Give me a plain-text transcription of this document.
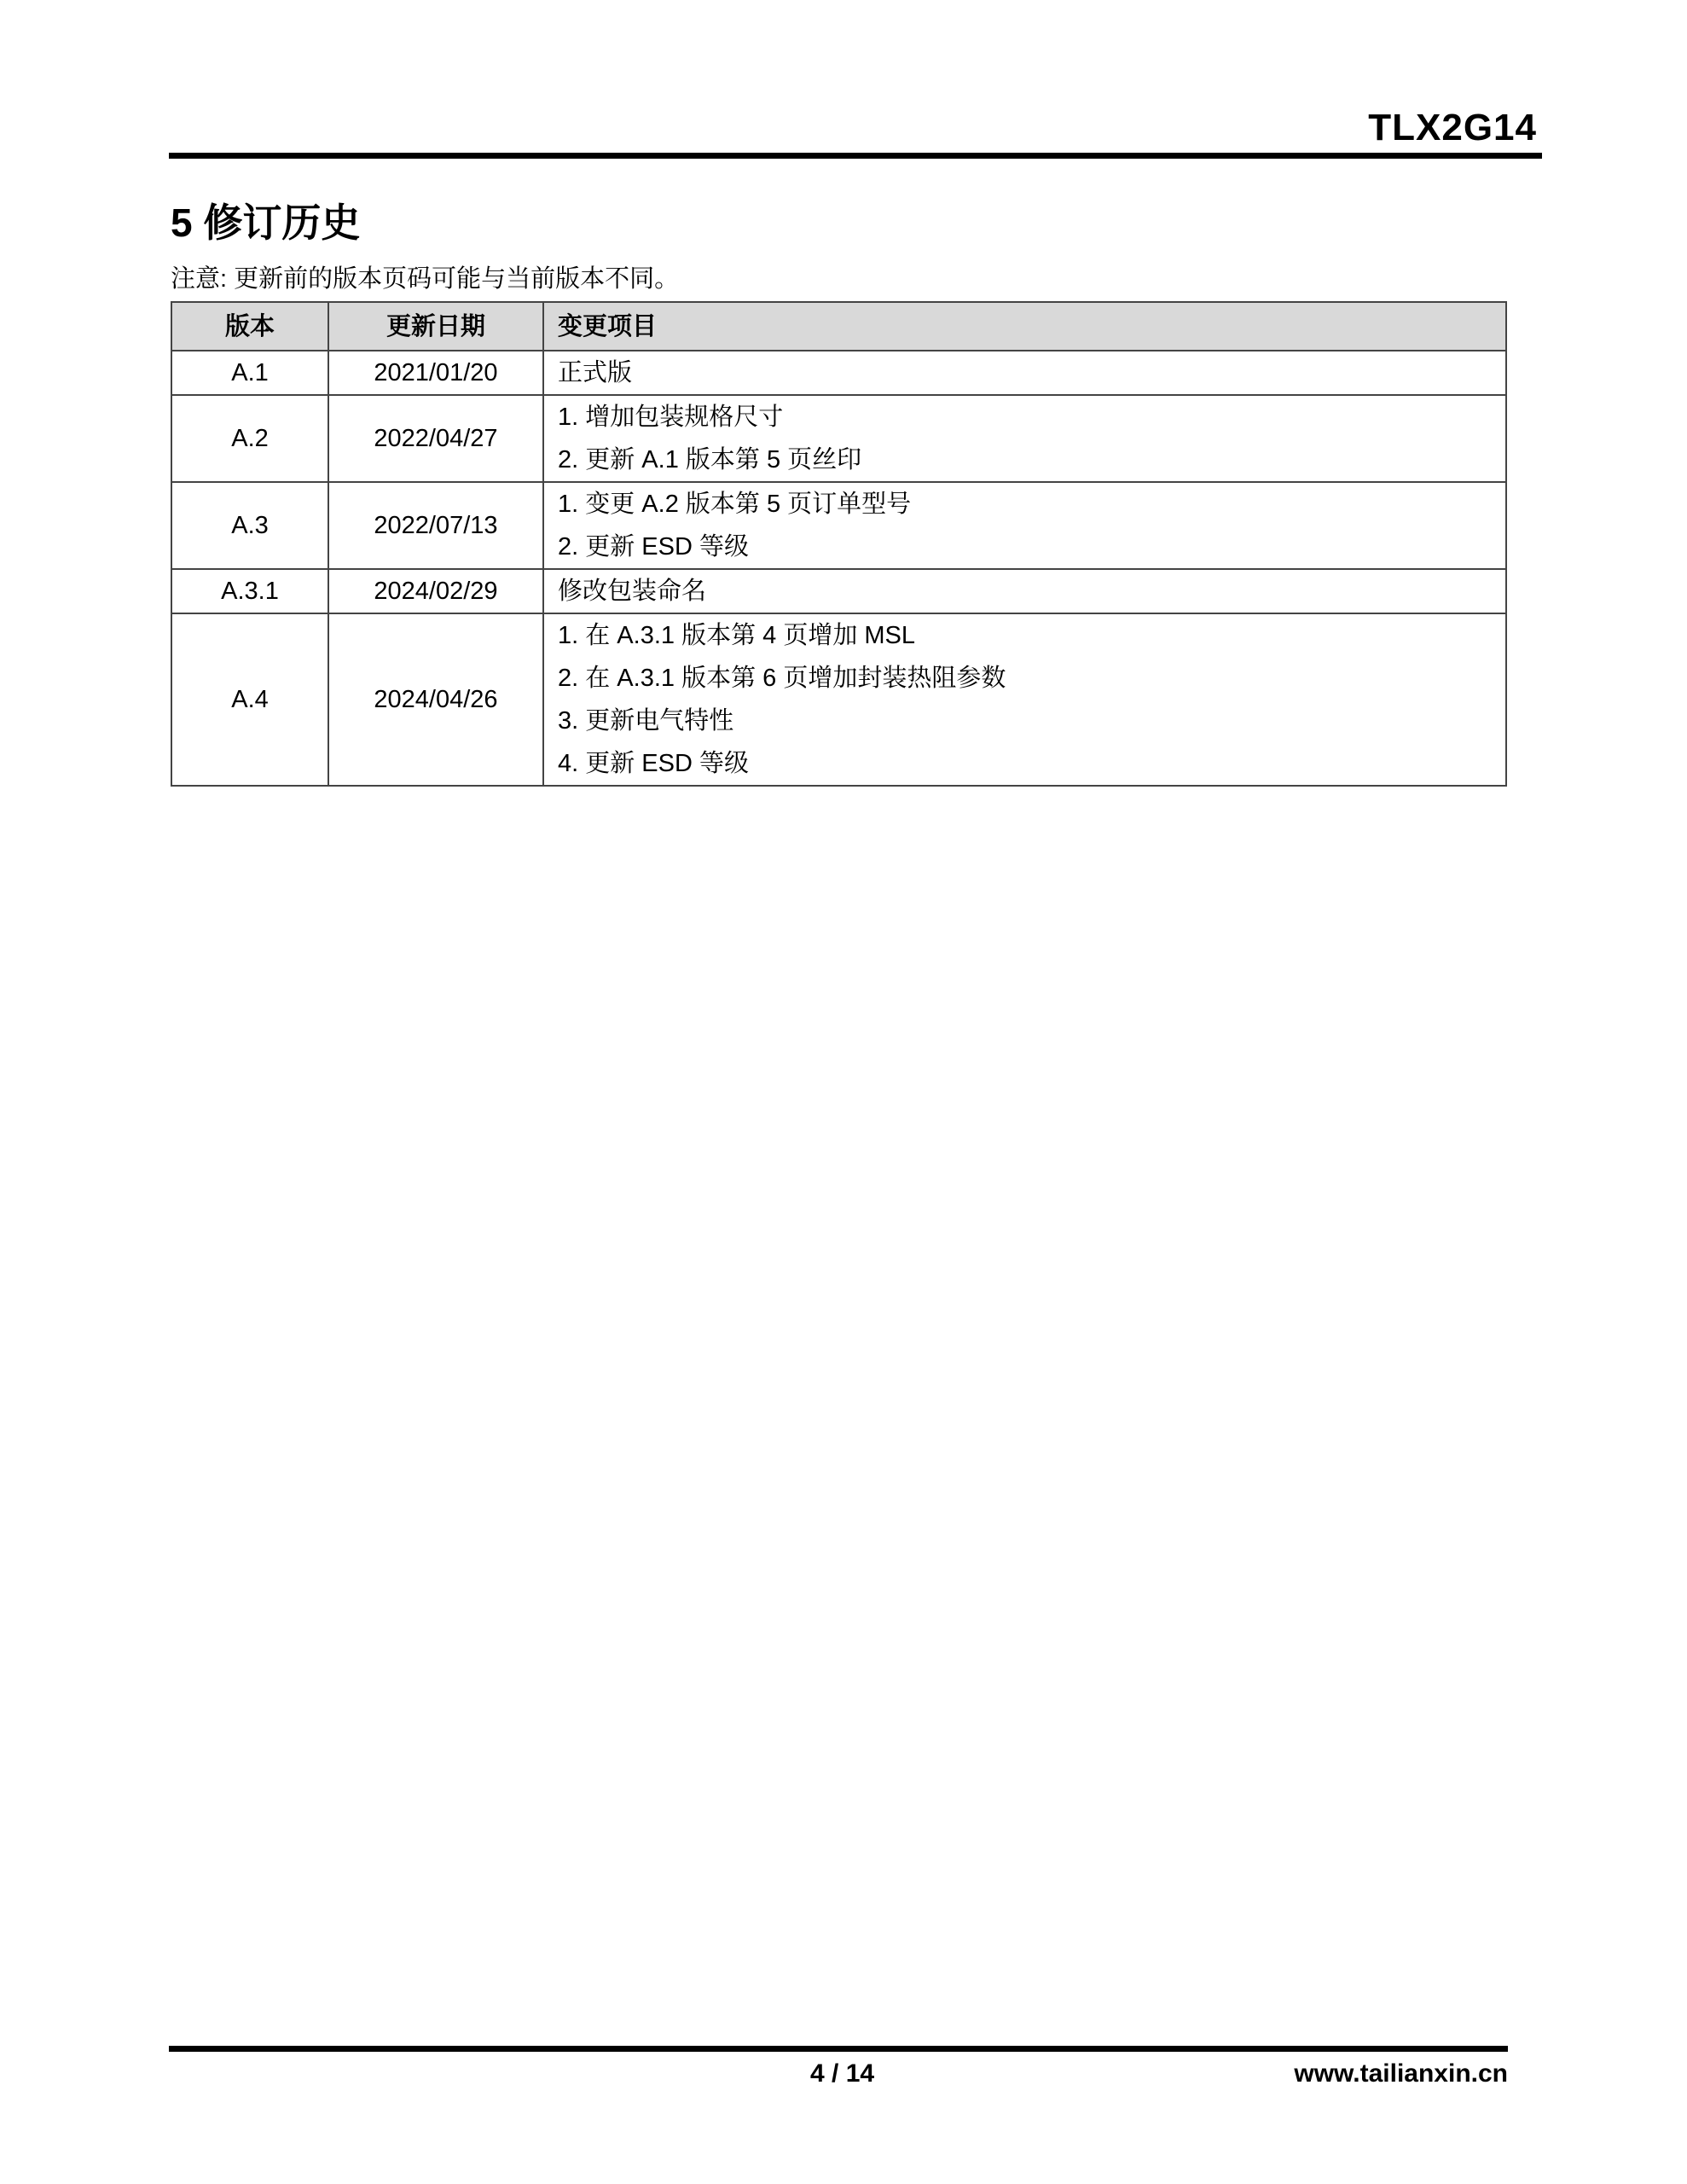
TLX2G14
5 修订历史
注意: 更新前的版本页码可能与当前版本不同。
版本	更新日期	变更项目
A.1	2021/01/20	正式版

A.2	2022/04/27	1. 增加包装规格尺寸
2. 更新 A.1 版本第 5 页丝印

A.3	2022/07/13	1. 变更 A.2 版本第 5 页订单型号
2. 更新 ESD 等级

A.3.1	2024/02/29	修改包装命名

A.4	2024/04/26	1. 在 A.3.1 版本第 4 页增加 MSL
2. 在 A.3.1 版本第 6 页增加封装热阻参数
3. 更新电气特性
4. 更新 ESD 等级
4 / 14	www.tailianxin.cn
